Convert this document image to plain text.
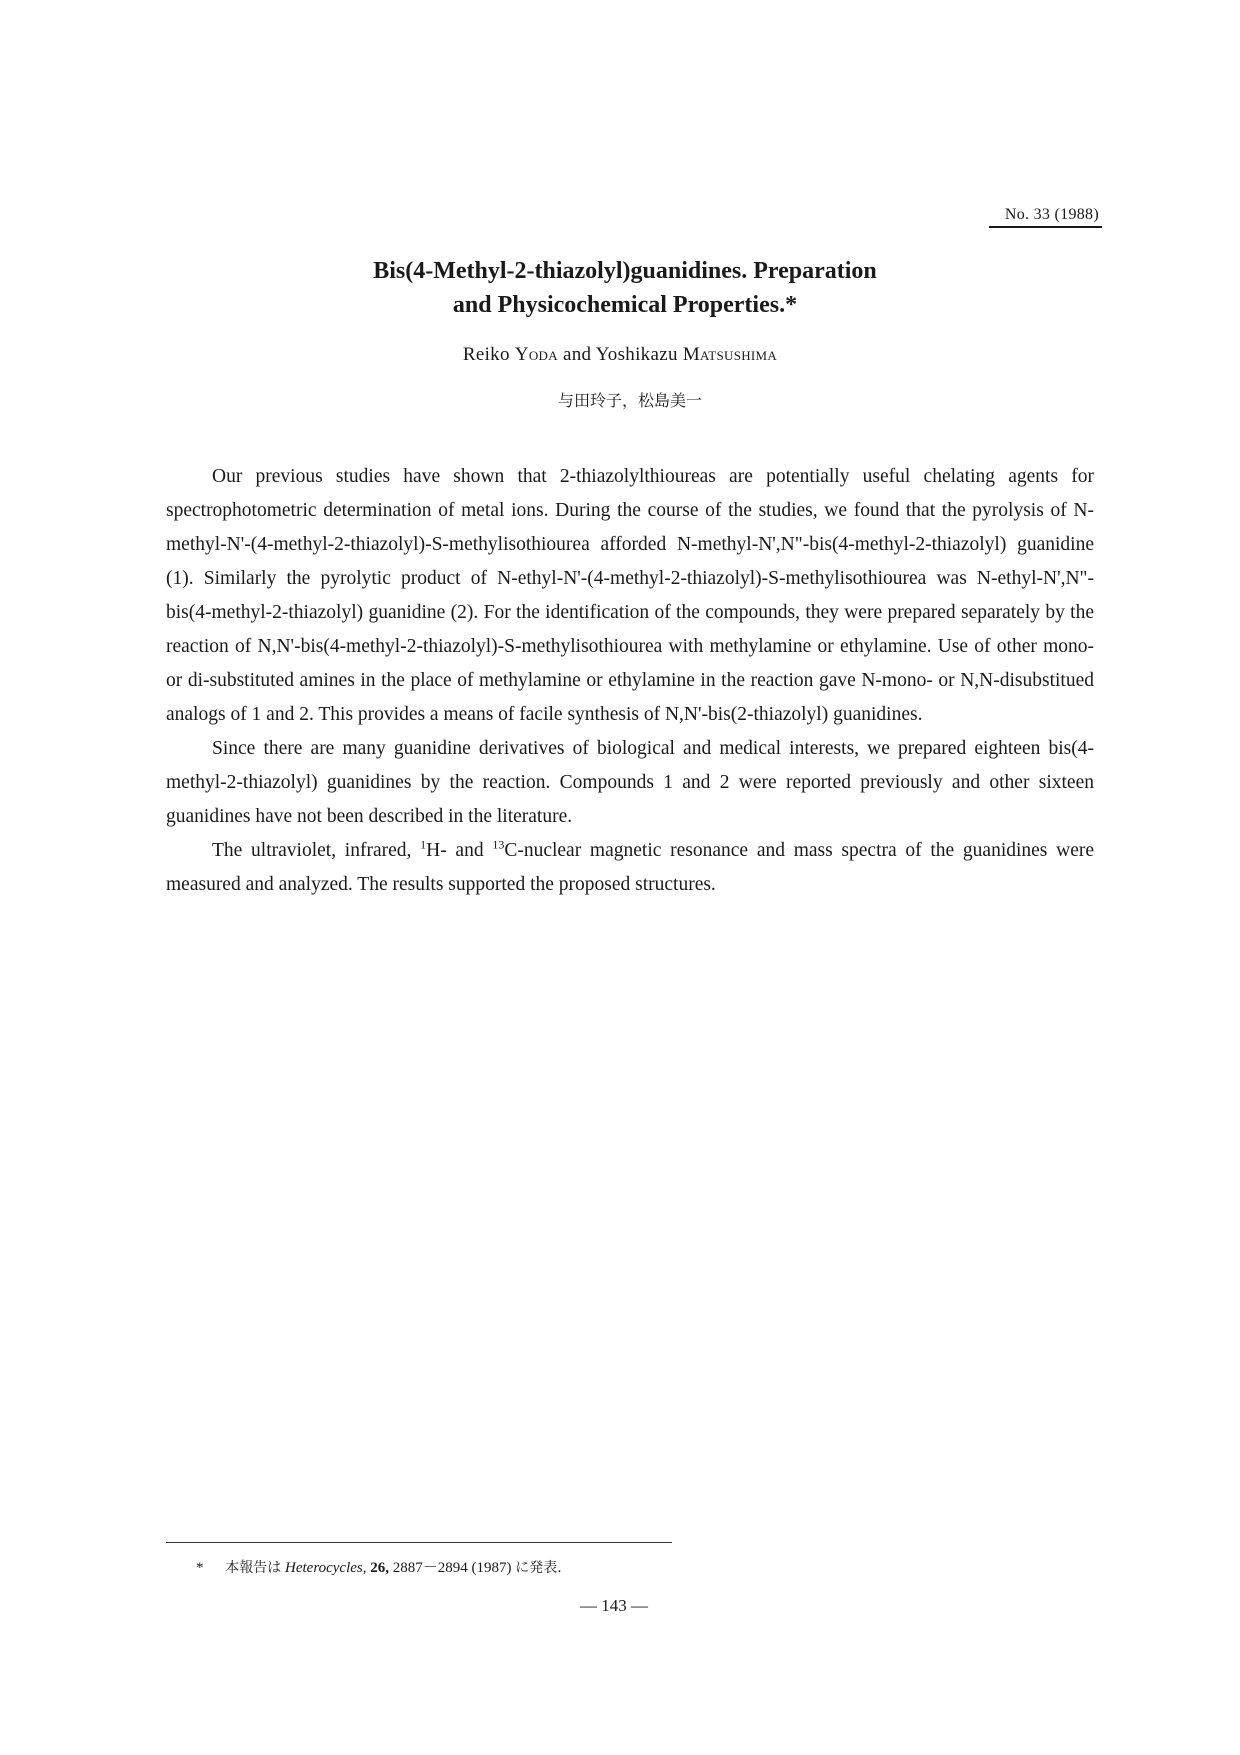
No. 33 (1988)
Bis(4-Methyl-2-thiazolyl)guanidines. Preparation
and Physicochemical Properties.*
Reiko Yoda and Yoshikazu Matsushima
与田玲子，松島美一

Our previous studies have shown that 2-thiazolylthioureas are potentially useful chelating agents for spectrophotometric determination of metal ions. During the course of the studies, we found that the pyrolysis of N-methyl-N'-(4-methyl-2-thiazolyl)-S-methylisothiourea afforded N-methyl-N',N"-bis(4-methyl-2-thiazolyl) guanidine (1). Similarly the pyrolytic product of N-ethyl-N'-(4-methyl-2-thiazolyl)-S-methylisothiourea was N-ethyl-N',N"-bis(4-methyl-2-thiazolyl) guanidine (2). For the identification of the compounds, they were prepared separately by the reaction of N,N'-bis(4-methyl-2-thiazolyl)-S-methylisothiourea with methylamine or ethylamine. Use of other mono- or di-substituted amines in the place of methylamine or ethylamine in the reaction gave N-mono- or N,N-disubstitued analogs of 1 and 2. This provides a means of facile synthesis of N,N'-bis(2-thiazolyl) guanidines.

Since there are many guanidine derivatives of biological and medical interests, we prepared eighteen bis(4-methyl-2-thiazolyl) guanidines by the reaction. Compounds 1 and 2 were reported previously and other sixteen guanidines have not been described in the literature.

The ultraviolet, infrared, $^1$H- and $^{13}$C-nuclear magnetic resonance and mass spectra of the guanidines were measured and analyzed. The results supported the proposed structures.

* 本報告は Heterocycles, 26, 2887－2894 (1987) に発表.
— 143 —
